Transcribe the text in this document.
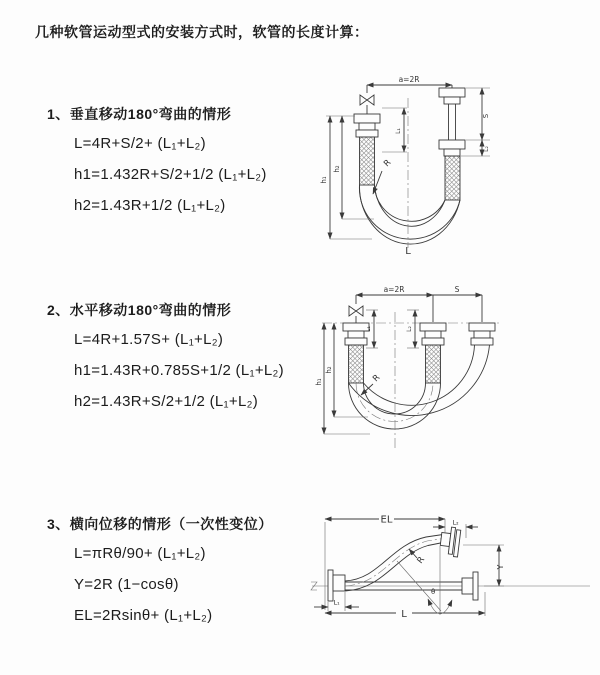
几种软管运动型式的安装方式时，软管的长度计算：
1、垂直移动180°弯曲的情形
L=4R+S/2+ (L₁+L₂)
h1=1.432R+S/2+1/2 (L₁+L₂)
h2=1.43R+1/2 (L₁+L₂)
a=2R
S
L₂
L₁
h₁
h₂	R
L
2、水平移动180°弯曲的情形
L=4R+1.57S+ (L₁+L₂)
h1=1.43R+0.785S+1/2 (L₁+L₂)
h2=1.43R+S/2+1/2 (L₁+L₂)
a=2R	S
L₁	L₂
h₁
h₂
R
3、横向位移的情形（一次性变位）
L=πRθ/90+ (L₁+L₂)
Y=2R (1−cosθ)
EL=2Rsinθ+ (L₁+L₂)
EL	L₂
Y
L
L₁
R
θ
